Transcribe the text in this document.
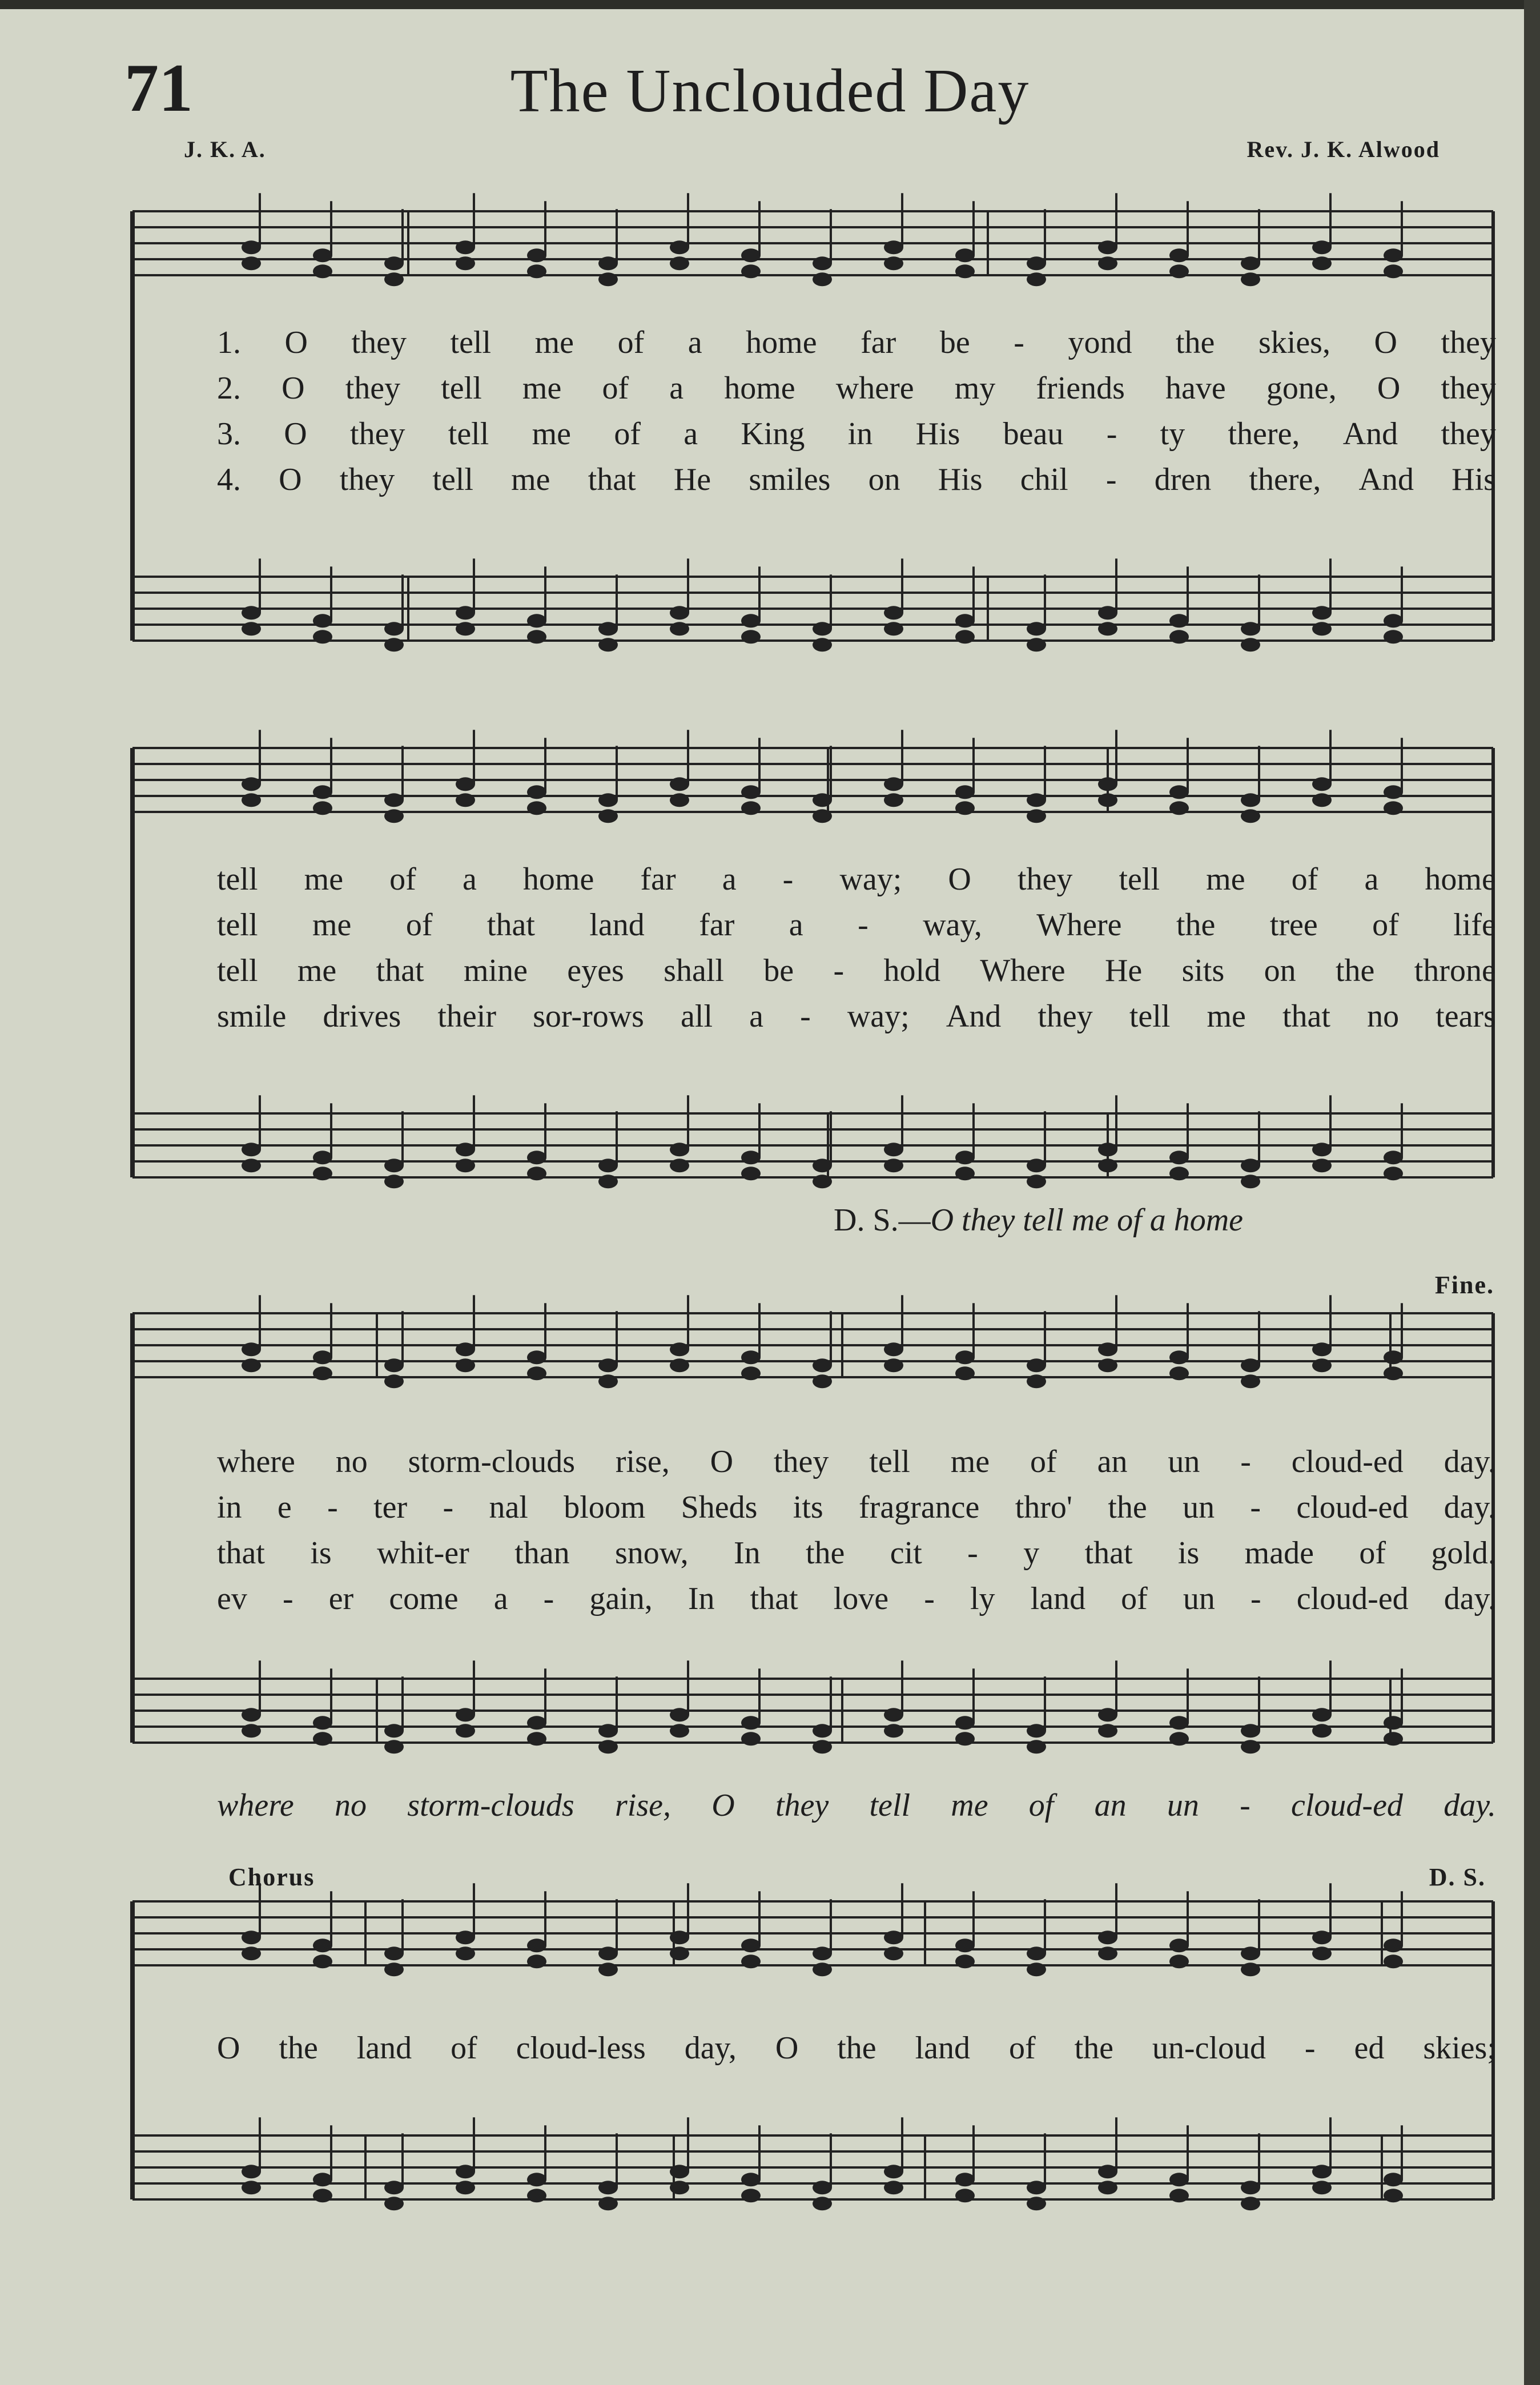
71	The Unclouded Day
J. K. A.	Rev. J. K. Alwood
1. O they tell me of a home far be - yond the skies, O they
2. O they tell me of a home where my friends have gone, O they
3. O they tell me of a King in His beau - ty there, And they
4. O they tell me that He smiles on His chil - dren there, And His
tell me of a home far a - way; O they tell me of a home
tell me of that land far a - way, Where the tree of life
tell me that mine eyes shall be - hold Where He sits on the throne
smile drives their sor-rows all a - way; And they tell me that no tears
D. S.—O they tell me of a home
Fine.
where no storm-clouds rise, O they tell me of an un - cloud-ed day.
in e - ter - nal bloom Sheds its fragrance thro' the un - cloud-ed day.
that is whit-er than snow, In the cit - y that is made of gold.
ev - er come a - gain, In that love - ly land of un - cloud-ed day.
where no storm-clouds rise, O they tell me of an un - cloud-ed day.
Chorus	D. S.
O the land of cloud-less day, O the land of the un-cloud - ed skies;
